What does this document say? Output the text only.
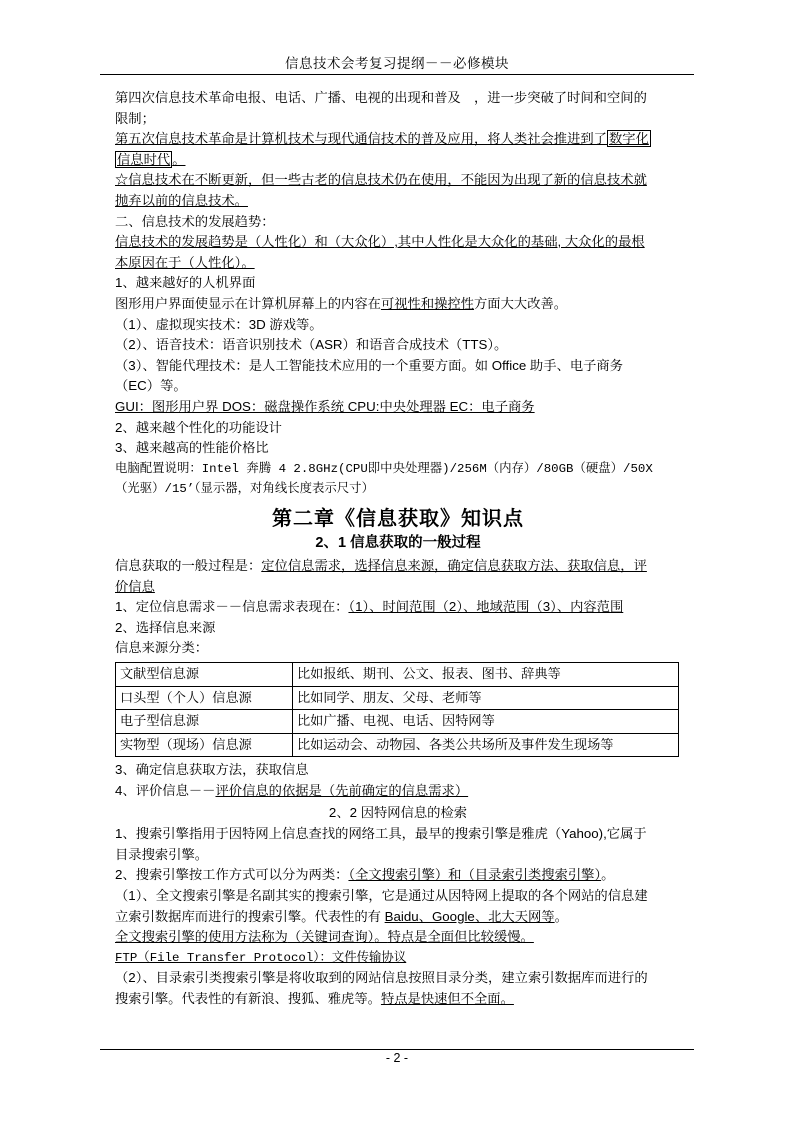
信息技术会考复习提纲－－必修模块
第四次信息技术革命电报、电话、广播、电视的出现和普及　，进一步突破了时间和空间的
限制；
第五次信息技术革命是计算机技术与现代通信技术的普及应用，将人类社会推进到了 数字化
信息时代 。
☆信息技术在不断更新，但一些古老的信息技术仍在使用，不能因为出现了新的信息技术就
抛弃以前的信息技术。
二、信息技术的发展趋势：
信息技术的发展趋势是（人性化）和（大众化）,其中人性化是大众化的基础, 大众化的最根
本原因在于（人性化）。
1、越来越好的人机界面
图形用户界面使显示在计算机屏幕上的内容在可视性和操控性方面大大改善。
（1）、虚拟现实技术：3D 游戏等。
（2）、语音技术：语音识别技术（ASR）和语音合成技术（TTS）。
（3）、智能代理技术：是人工智能技术应用的一个重要方面。如 Office 助手、电子商务
（EC）等。
GUI：图形用户界 DOS：磁盘操作系统 CPU:中央处理器 EC：电子商务
2、越来越个性化的功能设计
3、越来越高的性能价格比
电脑配置说明：Intel 奔腾 4 2.8GHz(CPU即中央处理器)/256M（内存）/80GB（硬盘）/50X
（光驱）/15’（显示器，对角线长度表示尺寸）
第二章《信息获取》知识点
2、1 信息获取的一般过程
信息获取的一般过程是：定位信息需求，选择信息来源，确定信息获取方法、获取信息，评
价信息
1、定位信息需求－－信息需求表现在：（1）、时间范围（2）、地域范围（3）、内容范围
2、选择信息来源
信息来源分类：
文献型信息源	比如报纸、期刊、公文、报表、图书、辞典等
口头型（个人）信息源	比如同学、朋友、父母、老师等
电子型信息源	比如广播、电视、电话、因特网等
实物型（现场）信息源	比如运动会、动物园、各类公共场所及事件发生现场等
3、确定信息获取方法，获取信息
4、评价信息－－评价信息的依据是（先前确定的信息需求）
2、2 因特网信息的检索
1、搜索引擎指用于因特网上信息查找的网络工具，最早的搜索引擎是雅虎（Yahoo),它属于
目录搜索引擎。
2、搜索引擎按工作方式可以分为两类：（全文搜索引擎）和（目录索引类搜索引擎）。
（1）、全文搜索引擎是名副其实的搜索引擎，它是通过从因特网上提取的各个网站的信息建
立索引数据库而进行的搜索引擎。代表性的有 Baidu、Google、北大天网等。
全文搜索引擎的使用方法称为（关键词查询）。特点是全面但比较缓慢。
FTP（File Transfer Protocol）：文件传输协议
（2）、目录索引类搜索引擎是将收取到的网站信息按照目录分类，建立索引数据库而进行的
搜索引擎。代表性的有新浪、搜狐、雅虎等。特点是快速但不全面。
- 2 -
